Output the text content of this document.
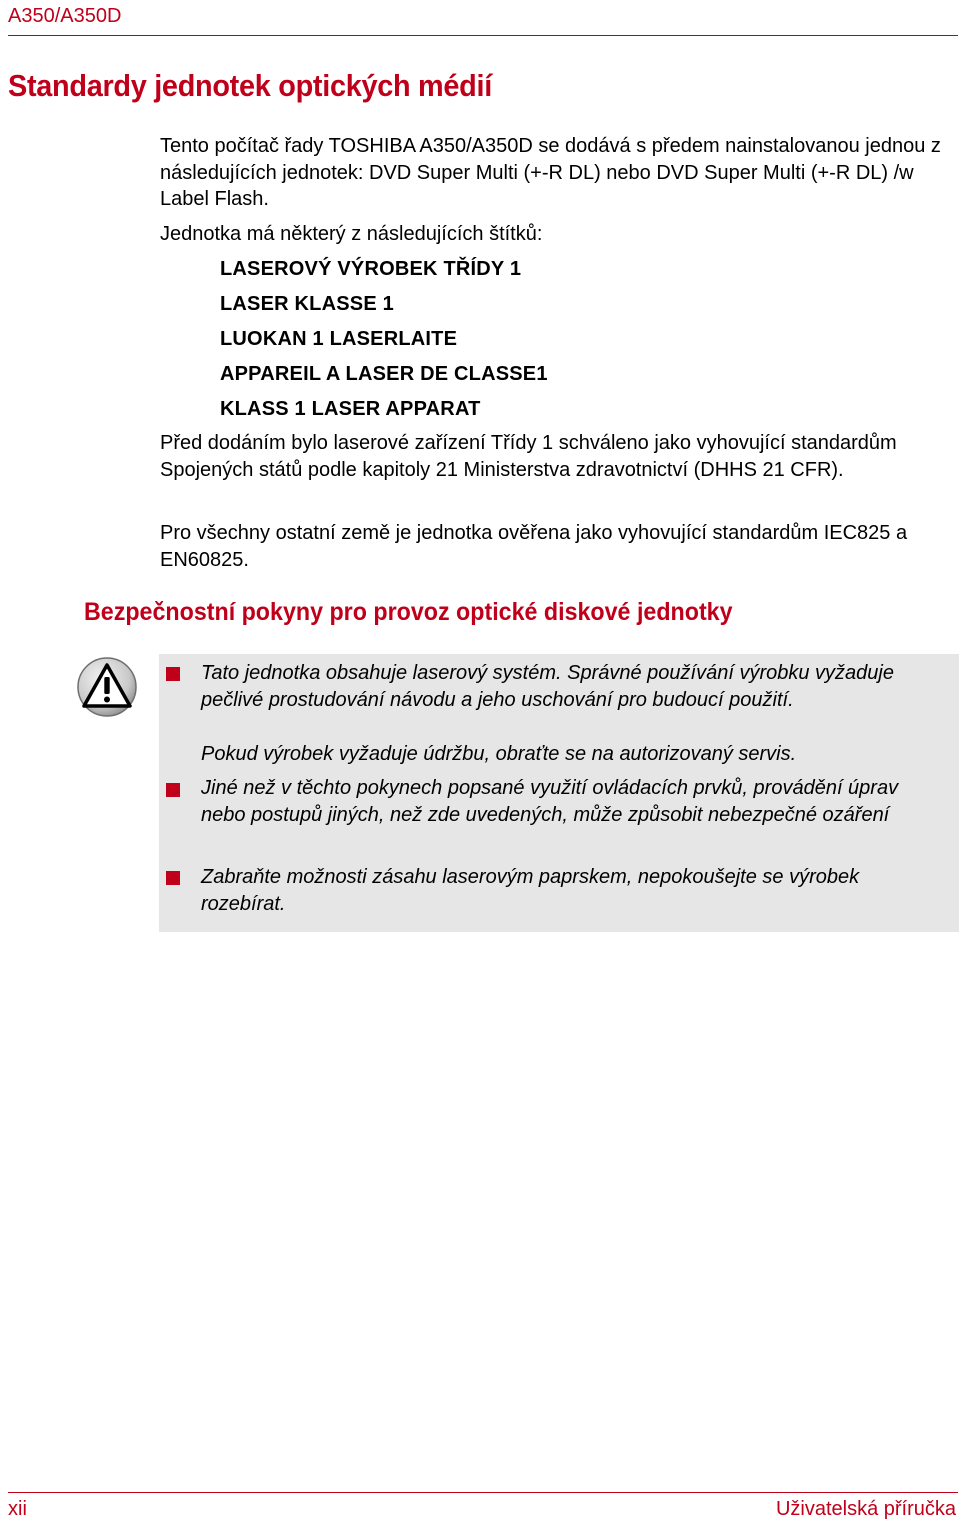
A350/A350D
Standardy jednotek optických médií

Tento počítač řady TOSHIBA A350/A350D se dodává s předem nainstalovanou jednou z následujících jednotek: DVD Super Multi (+-R DL) nebo DVD Super Multi (+-R DL) /w Label Flash.

Jednotka má některý z následujících štítků:

LASEROVÝ VÝROBEK TŘÍDY 1
LASER KLASSE 1
LUOKAN 1 LASERLAITE
APPAREIL A LASER DE CLASSE1
KLASS 1 LASER APPARAT

Před dodáním bylo laserové zařízení Třídy 1 schváleno jako vyhovující standardům Spojených států podle kapitoly 21 Ministerstva zdravotnictví (DHHS 21 CFR).

Pro všechny ostatní země je jednotka ověřena jako vyhovující standardům IEC825 a EN60825.

Bezpečnostní pokyny pro provoz optické diskové jednotky

Tato jednotka obsahuje laserový systém. Správné používání výrobku vyžaduje pečlivé prostudování návodu a jeho uschování pro budoucí použití.

Pokud výrobek vyžaduje údržbu, obraťte se na autorizovaný servis.

Jiné než v těchto pokynech popsané využití ovládacích prvků, provádění úprav nebo postupů jiných, než zde uvedených, může způsobit nebezpečné ozáření

Zabraňte možnosti zásahu laserovým paprskem, nepokoušejte se výrobek rozebírat.

xii	Uživatelská příručka
